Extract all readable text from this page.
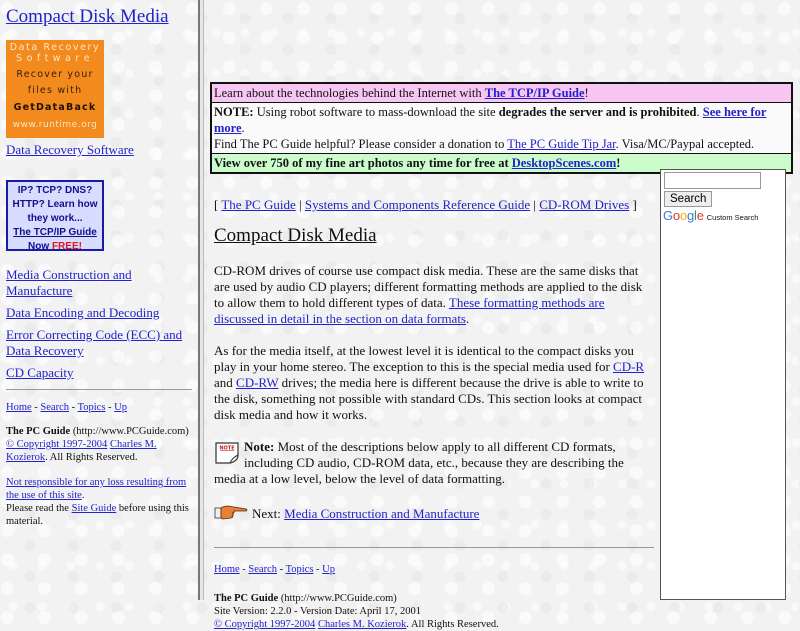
Compact Disk Media
Data Recovery
Software
Recover your
files with
GetDataBack
www.runtime.org
Data Recovery Software
IP? TCP? DNS?
HTTP? Learn how
they work...
The TCP/IP Guide
Now FREE!
Media Construction and Manufacture
Data Encoding and Decoding
Error Correcting Code (ECC) and Data Recovery
CD Capacity
Home - Search - Topics - Up

The PC Guide (http://www.PCGuide.com)
© Copyright 1997-2004 Charles M. Kozierok. All Rights Reserved.

Not responsible for any loss resulting from the use of this site.
Please read the Site Guide before using this material.

Learn about the technologies behind the Internet with The TCP/IP Guide!
NOTE: Using robot software to mass-download the site degrades the server and is prohibited. See here for more.
Find The PC Guide helpful? Please consider a donation to The PC Guide Tip Jar. Visa/MC/Paypal accepted.
View over 750 of my fine art photos any time for free at DesktopScenes.com!
Search
Google Custom Search
[ The PC Guide | Systems and Components Reference Guide | CD-ROM Drives ]
Compact Disk Media

CD-ROM drives of course use compact disk media. These are the same disks that are used by audio CD players; different formatting methods are applied to the disk to allow them to hold different types of data. These formatting methods are discussed in detail in the section on data formats.

As for the media itself, at the lowest level it is identical to the compact disks you play in your home stereo. The exception to this is the special media used for CD-R and CD-RW drives; the media here is different because the drive is able to write to the disk, something not possible with standard CDs. This section looks at compact disk media and how it works.

NOTE Note: Most of the descriptions below apply to all different CD formats, including CD audio, CD-ROM data, etc., because they are describing the media at a low level, below the level of data formatting.

Next:
Media Construction and Manufacture
Home - Search - Topics - Up
The PC Guide (http://www.PCGuide.com)
Site Version: 2.2.0 - Version Date: April 17, 2001
© Copyright 1997-2004 Charles M. Kozierok. All Rights Reserved.
